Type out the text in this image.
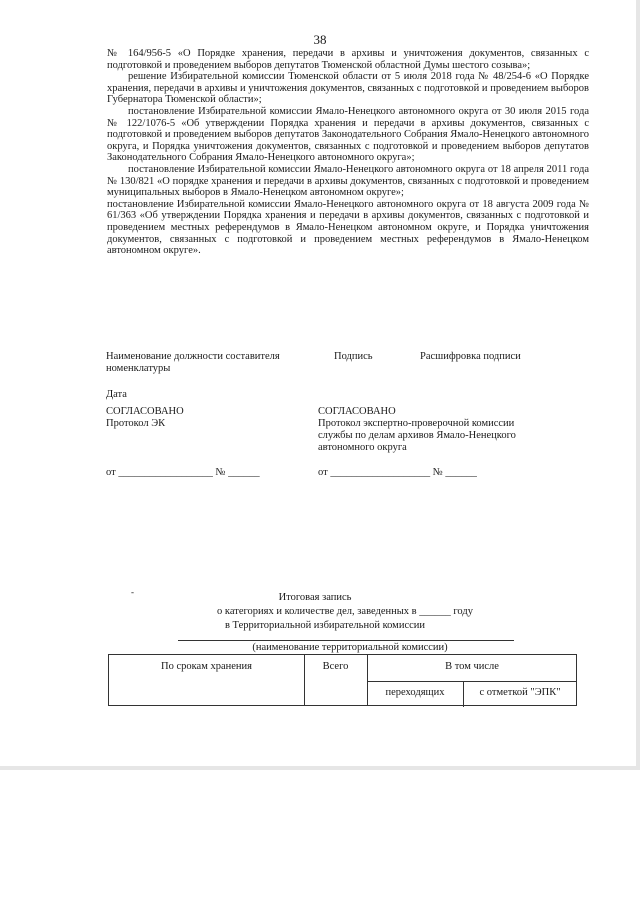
38

№ 164/956-5 «О Порядке хранения, передачи в архивы и уничтожения документов, связанных с подготовкой и проведением выборов депутатов Тюменской областной Думы шестого созыва»;

решение Избирательной комиссии Тюменской области от 5 июля 2018 года № 48/254-6 «О Порядке хранения, передачи в архивы и уничтожения документов, связанных с подготовкой и проведением выборов Губернатора Тюменской области»;

постановление Избирательной комиссии Ямало-Ненецкого автономного округа от 30 июля 2015 года № 122/1076-5 «Об утверждении Порядка хранения и передачи в архивы документов, связанных с подготовкой и проведением выборов депутатов Законодательного Собрания Ямало-Ненецкого автономного округа, и Порядка уничтожения документов, связанных с подготовкой и проведением выборов депутатов Законодательного Собрания Ямало-Ненецкого автономного округа»;

постановление Избирательной комиссии Ямало-Ненецкого автономного округа от 18 апреля 2011 года № 130/821 «О порядке хранения и передачи в архивы документов, связанных с подготовкой и проведением муниципальных выборов в Ямало-Ненецком автономном округе»;

постановление Избирательной комиссии Ямало-Ненецкого автономного округа от 18 августа 2009 года № 61/363 «Об утверждении Порядка хранения и передачи в архивы документов, связанных с подготовкой и проведением местных референдумов в Ямало-Ненецком автономном округе, и Порядка уничтожения документов, связанных с подготовкой и проведением местных референдумов в Ямало-Ненецком автономном округе».

Наименование должности составителя
номенклатуры
Подпись	Расшифровка подписи
Дата
СОГЛАСОВАНО
Протокол ЭК
от __________________ № ______
СОГЛАСОВАНО
Протокол экспертно-проверочной комиссии
службы по делам архивов Ямало-Ненецкого
автономного округа
от ___________________ № ______
-	Итоговая запись
о категориях и количестве дел, заведенных в ______ году
в Территориальной избирательной комиссии
(наименование территориальной комиссии)
По срокам хранения	Всего	В том числе
переходящих	с отметкой "ЭПК"
